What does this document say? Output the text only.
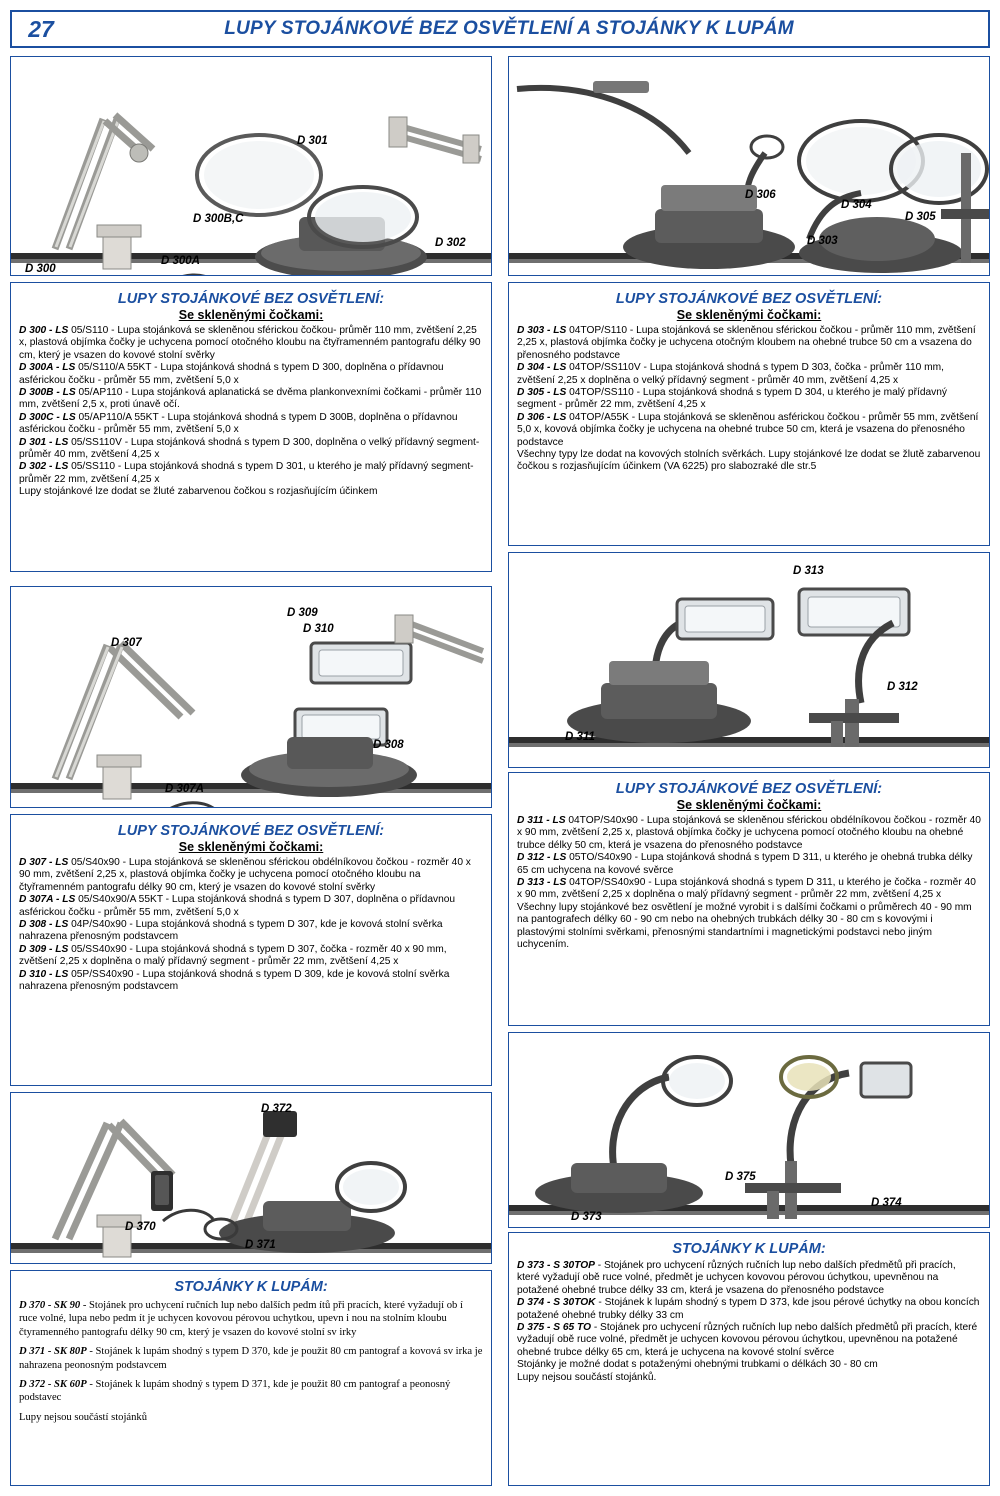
27	LUPY STOJÁNKOVÉ BEZ OSVĚTLENÍ A STOJÁNKY K LUPÁM
D 301
D 300B,C
D 302
D 300
D 300A
D 306
D 304
D 305
D 303
LUPY STOJÁNKOVÉ BEZ OSVĚTLENÍ:
Se skleněnými čočkami:

D 300 - LS 05/S110 - Lupa stojánková se skleněnou sférickou čočkou- průměr 110 mm, zvětšení 2,25 x, plastová objímka čočky je uchycena pomocí otočného kloubu na čtyřramenném pantografu délky 90 cm, který je vsazen do kovové stolní svěrky

D 300A - LS 05/S110/A 55KT - Lupa stojánková shodná s typem D 300, doplněna o přídavnou asférickou čočku - průměr 55 mm, zvětšení 5,0 x

D 300B - LS 05/AP110 - Lupa stojánková aplanatická se dvěma plankonvexními čočkami - průměr 110 mm, zvětšení 2,5 x, proti únavě očí.

D 300C - LS 05/AP110/A 55KT - Lupa stojánková shodná s typem D 300B, doplněna o přídavnou asférickou čočku - průměr 55 mm, zvětšení 5,0 x

D 301 - LS 05/SS110V - Lupa stojánková shodná s typem D 300, doplněna o velký přídavný segment- průměr 40 mm, zvětšení 4,25 x

D 302 - LS 05/SS110 - Lupa stojánková shodná s typem D 301, u kterého je malý přídavný segment- průměr 22 mm, zvětšení 4,25 x

Lupy stojánkové lze dodat se žluté zabarvenou čočkou s rozjasňujícím účinkem

LUPY STOJÁNKOVÉ BEZ OSVĚTLENÍ:
Se skleněnými čočkami:

D 303 - LS 04TOP/S110 - Lupa stojánková se skleněnou sférickou čočkou - průměr 110 mm, zvětšení 2,25 x, plastová objímka čočky je uchycena otočným kloubem na ohebné trubce 50 cm a vsazena do přenosného podstavce

D 304 - LS 04TOP/SS110V - Lupa stojánková shodná s typem D 303, čočka - průměr 110 mm, zvětšení 2,25 x doplněna o velký přídavný segment - průměr 40 mm, zvětšení 4,25 x

D 305 - LS 04TOP/SS110 - Lupa stojánková shodná s typem D 304, u kterého je malý přídavný segment - průměr 22 mm, zvětšení 4,25 x

D 306 - LS 04TOP/A55K - Lupa stojánková se skleněnou asférickou čočkou - průměr 55 mm, zvětšení 5,0 x, kovová objímka čočky je uchycena na ohebné trubce 50 cm, která je vsazena do přenosného podstavce

Všechny typy lze dodat na kovových stolních svěrkách. Lupy stojánkové lze dodat se žlutě zabarvenou čočkou s rozjasňujícím účinkem (VA 6225) pro slabozraké dle str.5

D 309
D 310
D 307
D 308
D 307A
D 313
D 312
D 311
LUPY STOJÁNKOVÉ BEZ OSVĚTLENÍ:
Se skleněnými čočkami:

D 307 - LS 05/S40x90 - Lupa stojánková se skleněnou sférickou obdélníkovou čočkou - rozměr 40 x 90 mm, zvětšení 2,25 x, plastová objímka čočky je uchycena pomocí otočného kloubu na čtyřramenném pantografu délky 90 cm, který je vsazen do kovové stolní svěrky

D 307A - LS 05/S40x90/A 55KT - Lupa stojánková shodná s typem D 307, doplněna o přídavnou asférickou čočku - průměr 55 mm, zvětšení 5,0 x

D 308 - LS 04P/S40x90 - Lupa stojánková shodná s typem D 307, kde je kovová stolní svěrka nahrazena přenosným podstavcem

D 309 - LS 05/SS40x90 - Lupa stojánková shodná s typem D 307, čočka - rozměr 40 x 90 mm, zvětšení 2,25 x doplněna o malý přídavný segment - průměr 22 mm, zvětšení 4,25 x

D 310 - LS 05P/SS40x90 - Lupa stojánková shodná s typem D 309, kde je kovová stolní svěrka nahrazena přenosným podstavcem

LUPY STOJÁNKOVÉ BEZ OSVĚTLENÍ:
Se skleněnými čočkami:

D 311 - LS 04TOP/S40x90 - Lupa stojánková se skleněnou sférickou obdélníkovou čočkou - rozměr 40 x 90 mm, zvětšení 2,25 x, plastová objímka čočky je uchycena pomocí otočného kloubu na ohebné trubce délky 50 cm, která je vsazena do přenosného podstavce

D 312 - LS 05TO/S40x90 - Lupa stojánková shodná s typem D 311, u kterého je ohebná trubka délky 65 cm uchycena na kovové svěrce

D 313 - LS 04TOP/SS40x90 - Lupa stojánková shodná s typem D 311, u kterého je čočka - rozměr 40 x 90 mm, zvětšení 2,25 x doplněna o malý přídavný segment - průměr 22 mm, zvětšení 4,25 x

Všechny lupy stojánkové bez osvětlení je možné vyrobit i s dalšími čočkami o průměrech 40 - 90 mm na pantografech délky 60 - 90 cm nebo na ohebných trubkách délky 30 - 80 cm s kovovými i plastovými stolními svěrkami, přenosnými standartními i magnetickými podstavci nebo jiným uchycením.

D 372
D 370
D 371
D 375
D 374
D 373
STOJÁNKY K LUPÁM:

D 370 - SK 90 - Stojánek pro uchycení ručních lup nebo dalších pedm ítů při pracích, které vyžadují ob í ruce volné, lupa nebo pedm ít je uchycen kovovou pérovou uchytkou, upevn i nou na stolním kloubu čtyramenného pantografu délky 90 cm, který je vsazen do kovové stolní sv irky

D 371 - SK 80P - Stojánek k lupám shodný s typem D 370, kde je použit 80 cm pantograf a kovová sv irka je nahrazena peonosným podstavcem

D 372 - SK 60P - Stojánek k lupám shodný s typem D 371, kde je použit 80 cm pantograf a peonosný podstavec

Lupy nejsou součástí stojánků

STOJÁNKY K LUPÁM:

D 373 - S 30TOP - Stojánek pro uchycení různých ručních lup nebo dalších předmětů při pracích, které vyžadují obě ruce volné, předmět je uchycen kovovou pérovou úchytkou, upevněnou na potažené ohebné trubce délky 33 cm, která je vsazena do přenosného podstavce

D 374 - S 30TOK - Stojánek k lupám shodný s typem D 373, kde jsou pérové úchytky na obou koncích potažené ohebné trubky délky 33 cm

D 375 - S 65 TO - Stojánek pro uchycení různých ručních lup nebo dalších předmětů při pracích, které vyžadují obě ruce volné, předmět je uchycen kovovou pérovou úchytkou, upevněnou na potažené ohebné trubce délky 65 cm, která je uchycena na kovové stolní svěrce

Stojánky je možné dodat s potaženými ohebnými trubkami o délkách 30 - 80 cm

Lupy nejsou součástí stojánků.
